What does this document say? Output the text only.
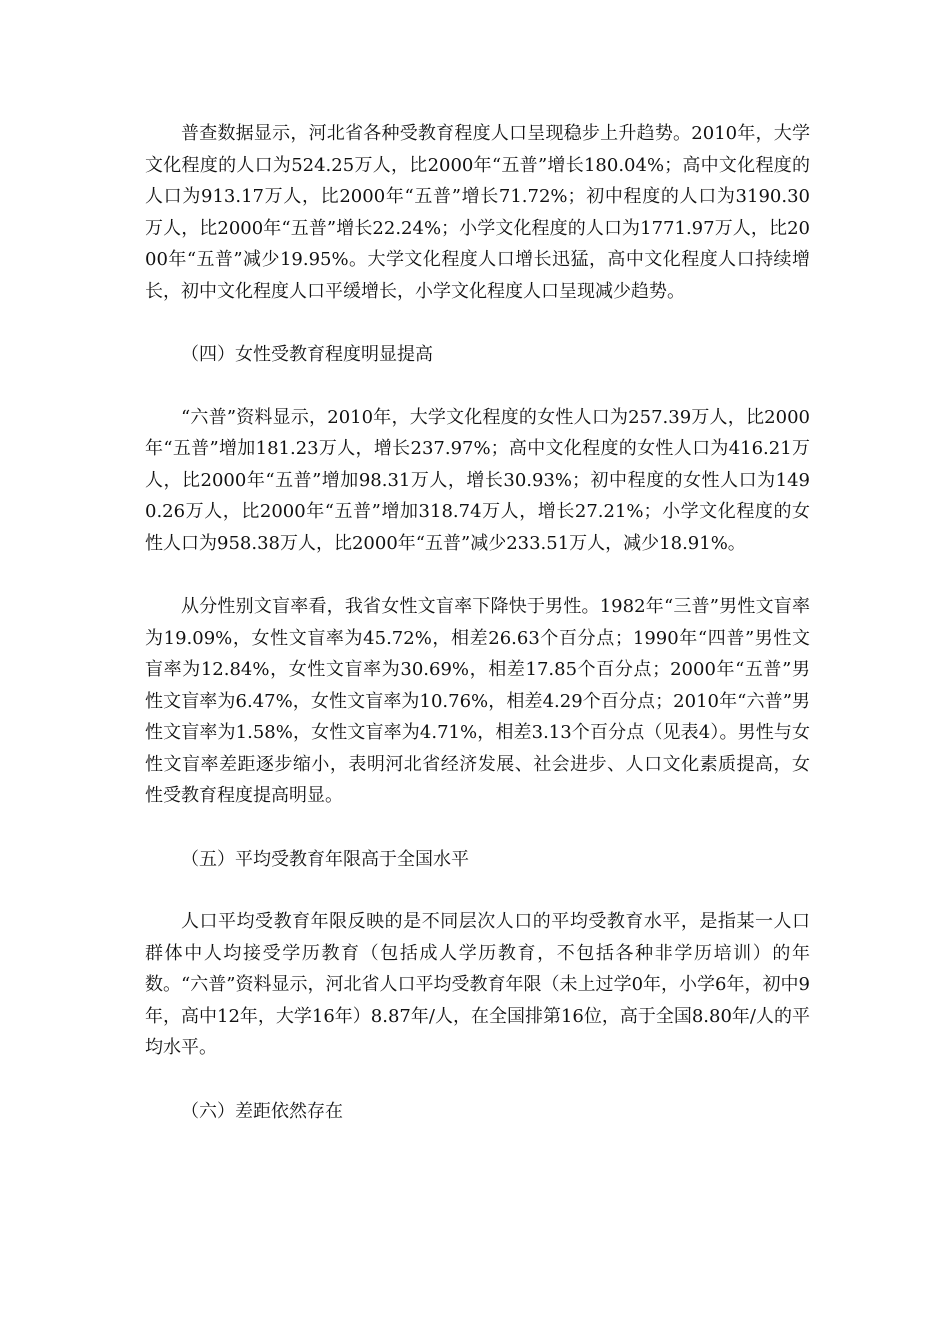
普查数据显示，河北省各种受教育程度人口呈现稳步上升趋势。2010年，大学文化程度的人口为524.25万人，比2000年“五普”增长180.04%；高中文化程度的人口为913.17万人，比2000年“五普”增长71.72%；初中程度的人口为3190.30万人，比2000年“五普”增长22.24%；小学文化程度的人口为1771.97万人，比2000年“五普”减少19.95%。大学文化程度人口增长迅猛，高中文化程度人口持续增长，初中文化程度人口平缓增长，小学文化程度人口呈现减少趋势。

（四）女性受教育程度明显提高

“六普”资料显示，2010年，大学文化程度的女性人口为257.39万人，比2000年“五普”增加181.23万人，增长237.97%；高中文化程度的女性人口为416.21万人，比2000年“五普”增加98.31万人，增长30.93%；初中程度的女性人口为1490.26万人，比2000年“五普”增加318.74万人，增长27.21%；小学文化程度的女性人口为958.38万人，比2000年“五普”减少233.51万人，减少18.91%。

从分性别文盲率看，我省女性文盲率下降快于男性。1982年“三普”男性文盲率为19.09%，女性文盲率为45.72%，相差26.63个百分点；1990年“四普”男性文盲率为12.84%，女性文盲率为30.69%，相差17.85个百分点；2000年“五普”男性文盲率为6.47%，女性文盲率为10.76%，相差4.29个百分点；2010年“六普”男性文盲率为1.58%，女性文盲率为4.71%，相差3.13个百分点（见表4）。男性与女性文盲率差距逐步缩小，表明河北省经济发展、社会进步、人口文化素质提高，女性受教育程度提高明显。

（五）平均受教育年限高于全国水平

人口平均受教育年限反映的是不同层次人口的平均受教育水平，是指某一人口群体中人均接受学历教育（包括成人学历教育，不包括各种非学历培训）的年数。“六普”资料显示，河北省人口平均受教育年限（未上过学0年，小学6年，初中9年，高中12年，大学16年）8.87年/人，在全国排第16位，高于全国8.80年/人的平均水平。

（六）差距依然存在
